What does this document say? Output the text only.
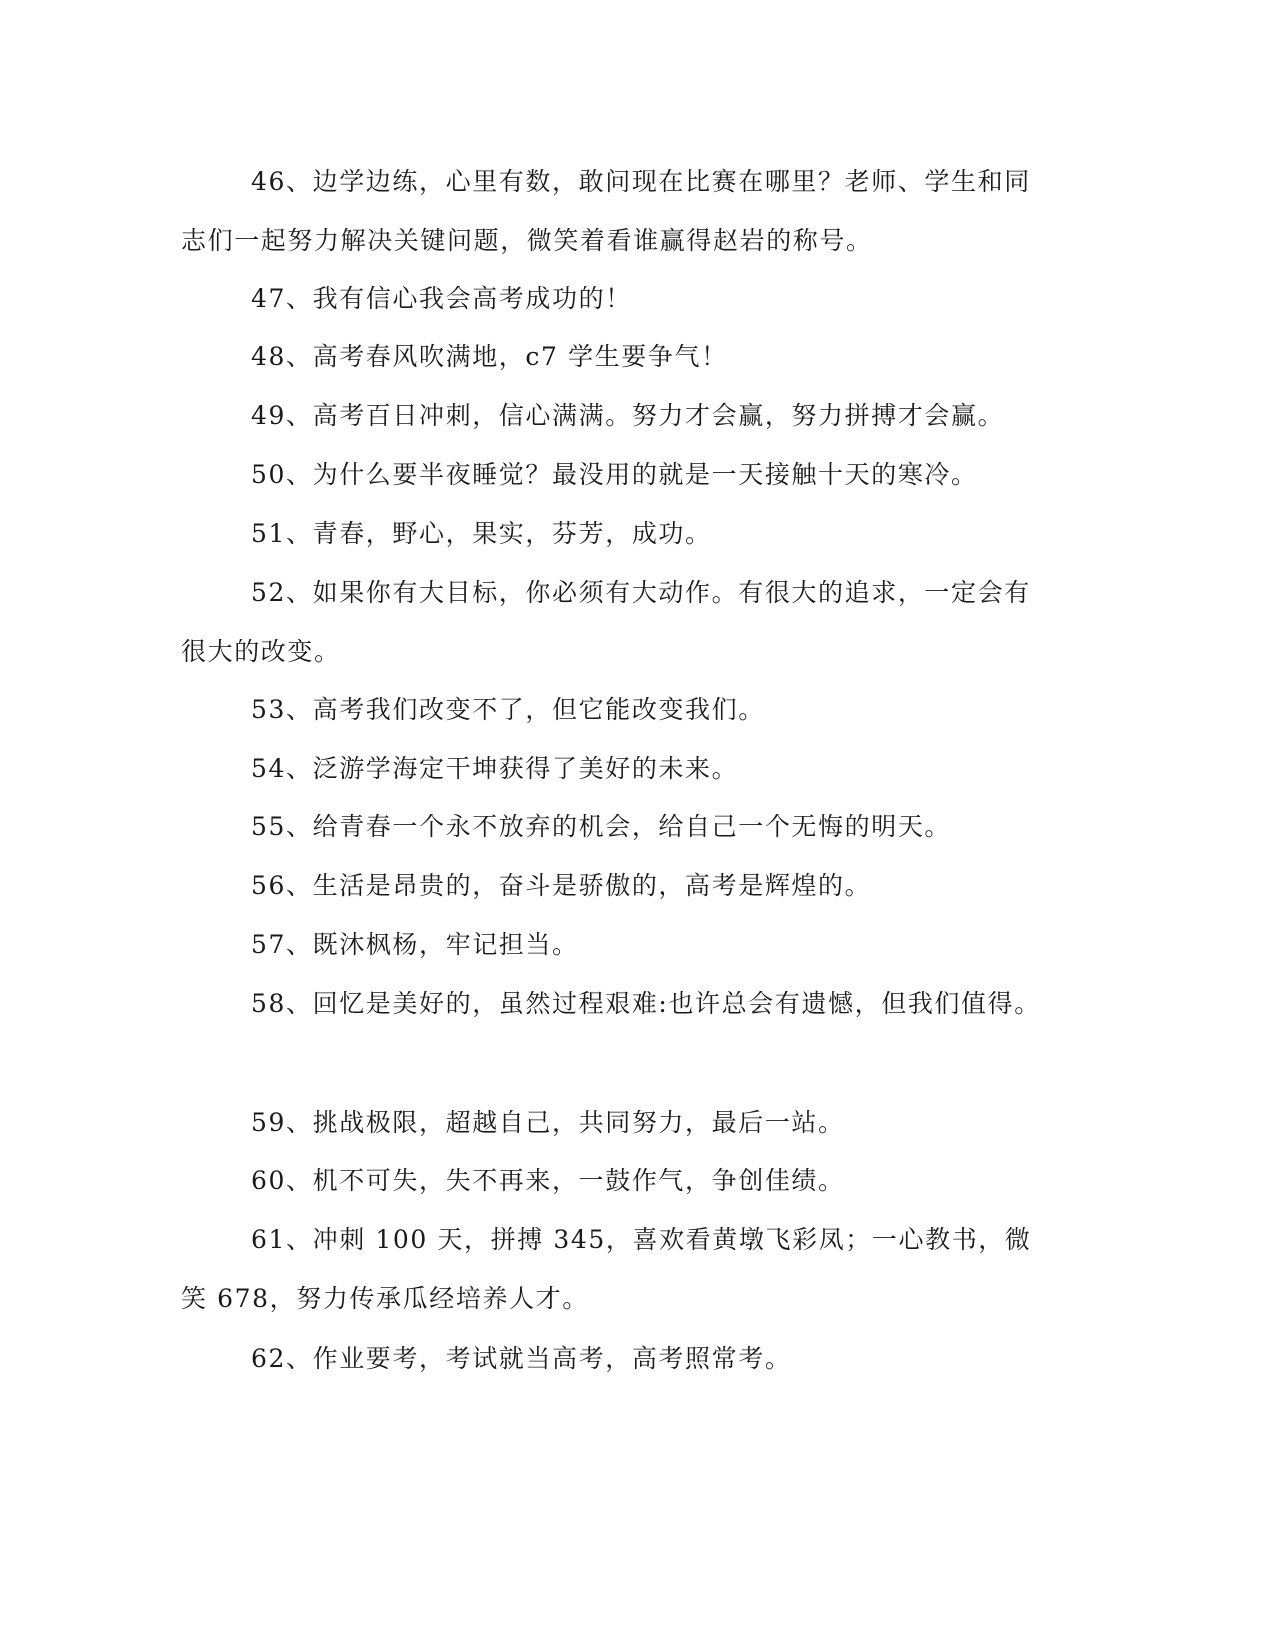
46、边学边练，心里有数，敢问现在比赛在哪里？老师、学生和同志们一起努力解决关键问题，微笑着看谁赢得赵岩的称号。

47、我有信心我会高考成功的！

48、高考春风吹满地，c7 学生要争气！

49、高考百日冲刺，信心满满。努力才会赢，努力拼搏才会赢。

50、为什么要半夜睡觉？最没用的就是一天接触十天的寒冷。

51、青春，野心，果实，芬芳，成功。

52、如果你有大目标，你必须有大动作。有很大的追求，一定会有很大的改变。

53、高考我们改变不了，但它能改变我们。

54、泛游学海定干坤获得了美好的未来。

55、给青春一个永不放弃的机会，给自己一个无悔的明天。

56、生活是昂贵的，奋斗是骄傲的，高考是辉煌的。

57、既沐枫杨，牢记担当。

58、回忆是美好的，虽然过程艰难:也许总会有遗憾，但我们值得。

59、挑战极限，超越自己，共同努力，最后一站。

60、机不可失，失不再来，一鼓作气，争创佳绩。

61、冲刺 100 天，拼搏 345，喜欢看黄墩飞彩凤；一心教书，微笑 678，努力传承瓜经培养人才。

62、作业要考，考试就当高考，高考照常考。
